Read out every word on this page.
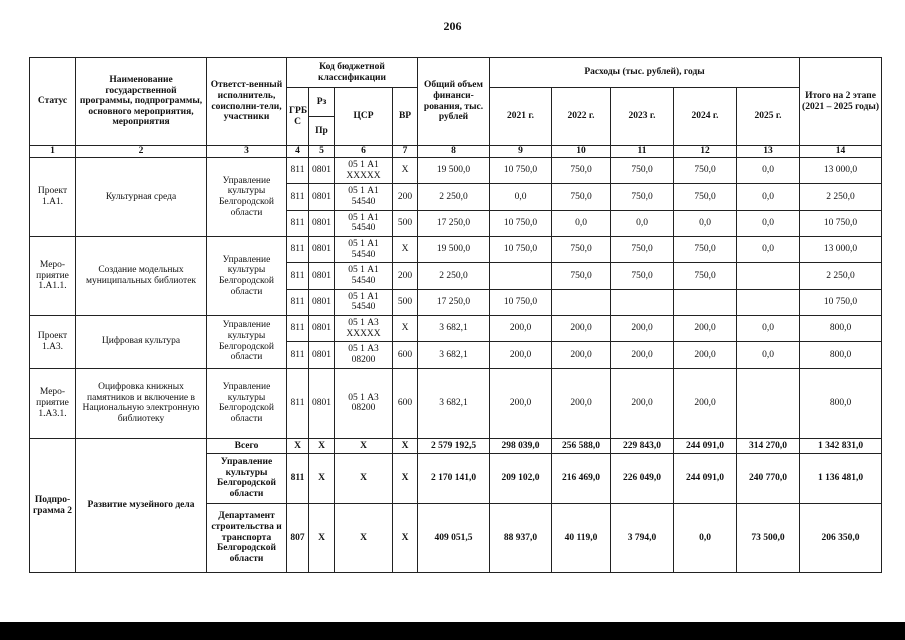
206
Статус	Наименование государственной программы, подпрограммы, основного мероприятия, мероприятия	Ответст-венный исполнитель, соисполни-тели, участники	Код бюджетной классификации				Общий объем финанси-рования, тыс. рублей	Расходы (тыс. рублей), годы					Итого на 2 этапе (2021 – 2025 годы)
			ГРБ С	Рз	ЦСР	ВР		2021 г.	2022 г.	2023 г.	2024 г.	2025 г.	
				Пр									
1	2	3	4	5	6	7	8	9	10	11	12	13	14
Проект 1.А1.	Культурная среда	Управление культуры Белгородской области	811	0801	05 1 А1 XXXXX	X	19 500,0	10 750,0	750,0	750,0	750,0	0,0	13 000,0
			811	0801	05 1 А1 54540	200	2 250,0	0,0	750,0	750,0	750,0	0,0	2 250,0
			811	0801	05 1 А1 54540	500	17 250,0	10 750,0	0,0	0,0	0,0	0,0	10 750,0
Меро-приятие 1.А1.1.	Создание модельных муниципальных библиотек	Управление культуры Белгородской области	811	0801	05 1 А1 54540	X	19 500,0	10 750,0	750,0	750,0	750,0	0,0	13 000,0
			811	0801	05 1 А1 54540	200	2 250,0		750,0	750,0	750,0		2 250,0
			811	0801	05 1 А1 54540	500	17 250,0	10 750,0					10 750,0
Проект 1.А3.	Цифровая культура	Управление культуры Белгородской области	811	0801	05 1 А3 XXXXX	X	3 682,1	200,0	200,0	200,0	200,0	0,0	800,0
			811	0801	05 1 А3 08200	600	3 682,1	200,0	200,0	200,0	200,0	0,0	800,0
Меро-приятие 1.А3.1.	Оцифровка книжных памятников и включение в Национальную электронную библиотеку	Управление культуры Белгородской области	811	0801	05 1 А3 08200	600	3 682,1	200,0	200,0	200,0	200,0		800,0
Подпро-грамма 2	Развитие музейного дела	Всего	X	X	X	X	2 579 192,5	298 039,0	256 588,0	229 843,0	244 091,0	314 270,0	1 342 831,0
		Управление культуры Белгородской области	811	X	X	X	2 170 141,0	209 102,0	216 469,0	226 049,0	244 091,0	240 770,0	1 136 481,0
		Департамент строительства и транспорта Белгородской области	807	X	X	X	409 051,5	88 937,0	40 119,0	3 794,0	0,0	73 500,0	206 350,0
